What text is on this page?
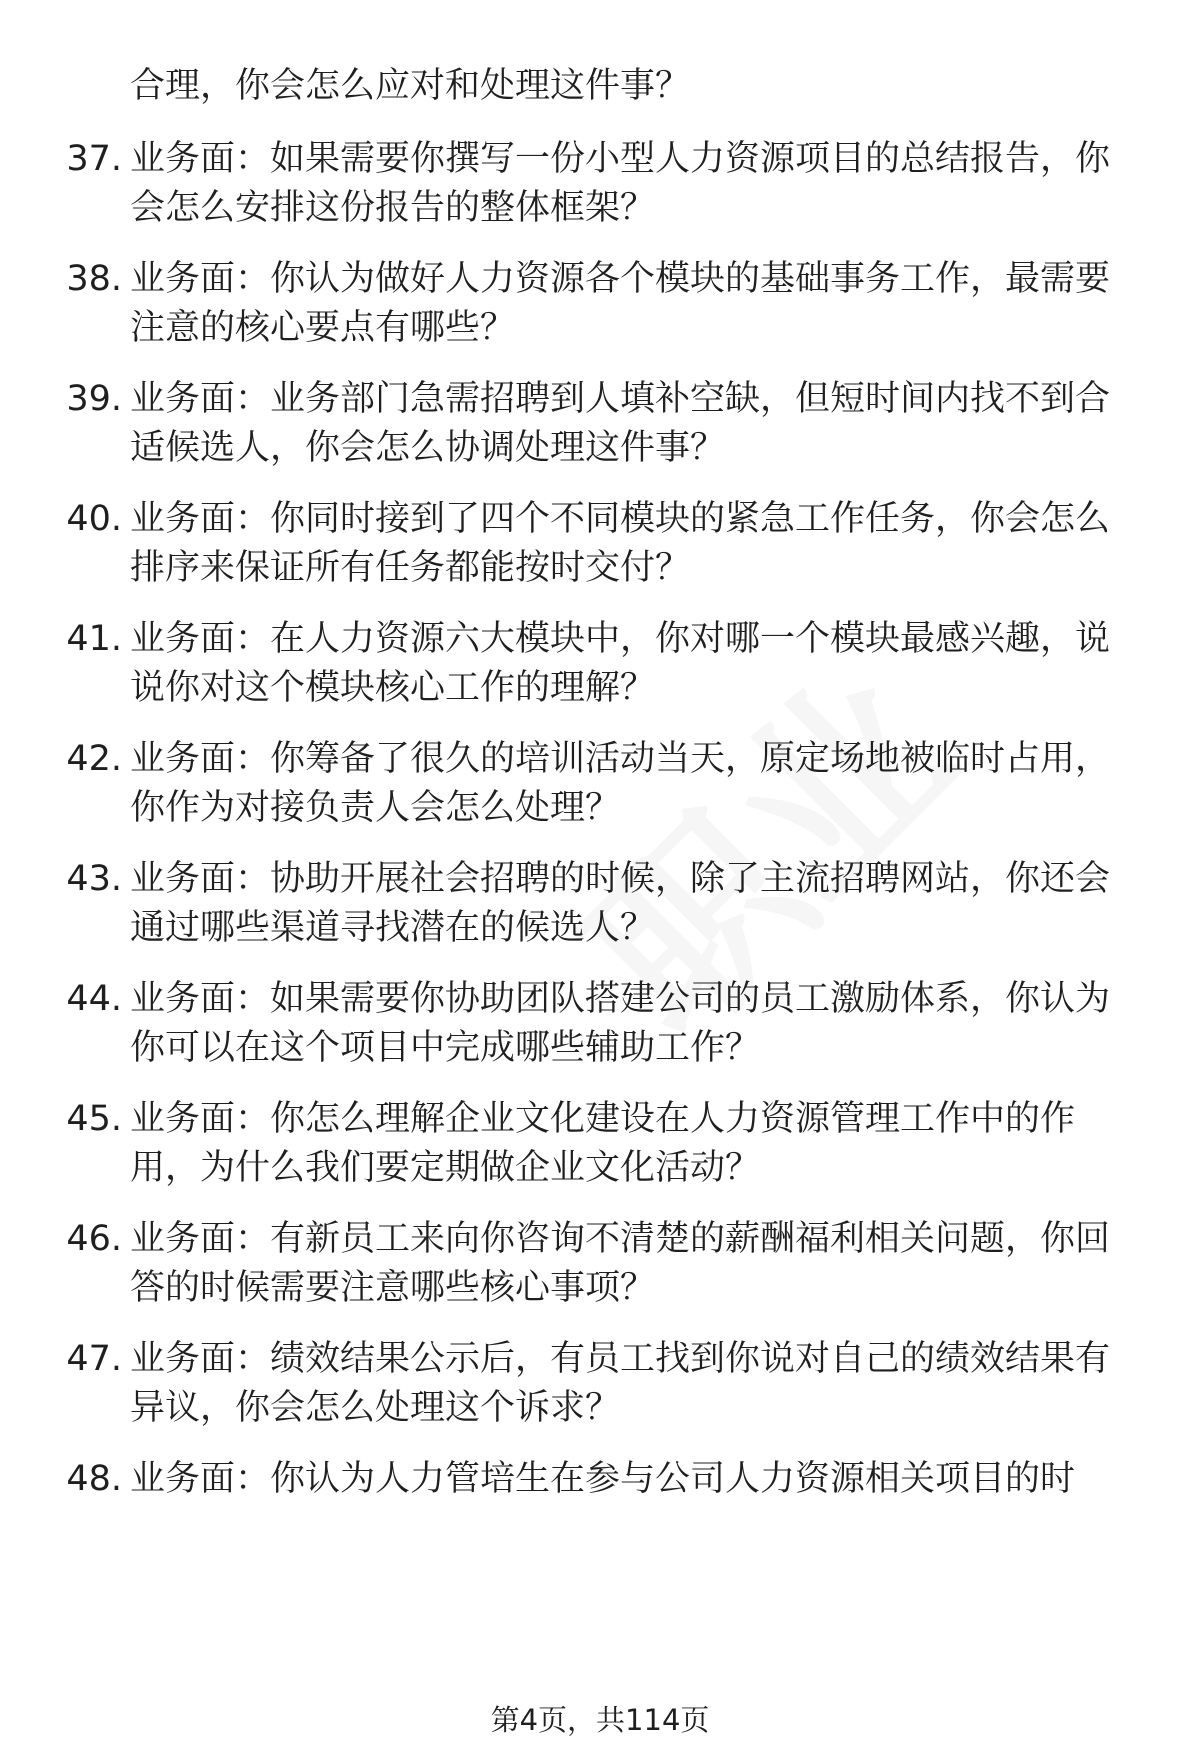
合理，你会怎么应对和处理这件事？
37. 业务面：如果需要你撰写一份小型人力资源项目的总结报告，你
会怎么安排这份报告的整体框架？
38. 业务面：你认为做好人力资源各个模块的基础事务工作，最需要
注意的核心要点有哪些？
39. 业务面：业务部门急需招聘到人填补空缺，但短时间内找不到合
适候选人，你会怎么协调处理这件事？
40. 业务面：你同时接到了四个不同模块的紧急工作任务，你会怎么
排序来保证所有任务都能按时交付？
41. 业务面：在人力资源六大模块中，你对哪一个模块最感兴趣，说
说你对这个模块核心工作的理解？
42. 业务面：你筹备了很久的培训活动当天，原定场地被临时占用，
你作为对接负责人会怎么处理？
43. 业务面：协助开展社会招聘的时候，除了主流招聘网站，你还会
通过哪些渠道寻找潜在的候选人？
44. 业务面：如果需要你协助团队搭建公司的员工激励体系，你认为
你可以在这个项目中完成哪些辅助工作？
45. 业务面：你怎么理解企业文化建设在人力资源管理工作中的作
用，为什么我们要定期做企业文化活动？
46. 业务面：有新员工来向你咨询不清楚的薪酬福利相关问题，你回
答的时候需要注意哪些核心事项？
47. 业务面：绩效结果公示后，有员工找到你说对自己的绩效结果有
异议，你会怎么处理这个诉求？
48. 业务面：你认为人力管培生在参与公司人力资源相关项目的时
第4页，共114页
